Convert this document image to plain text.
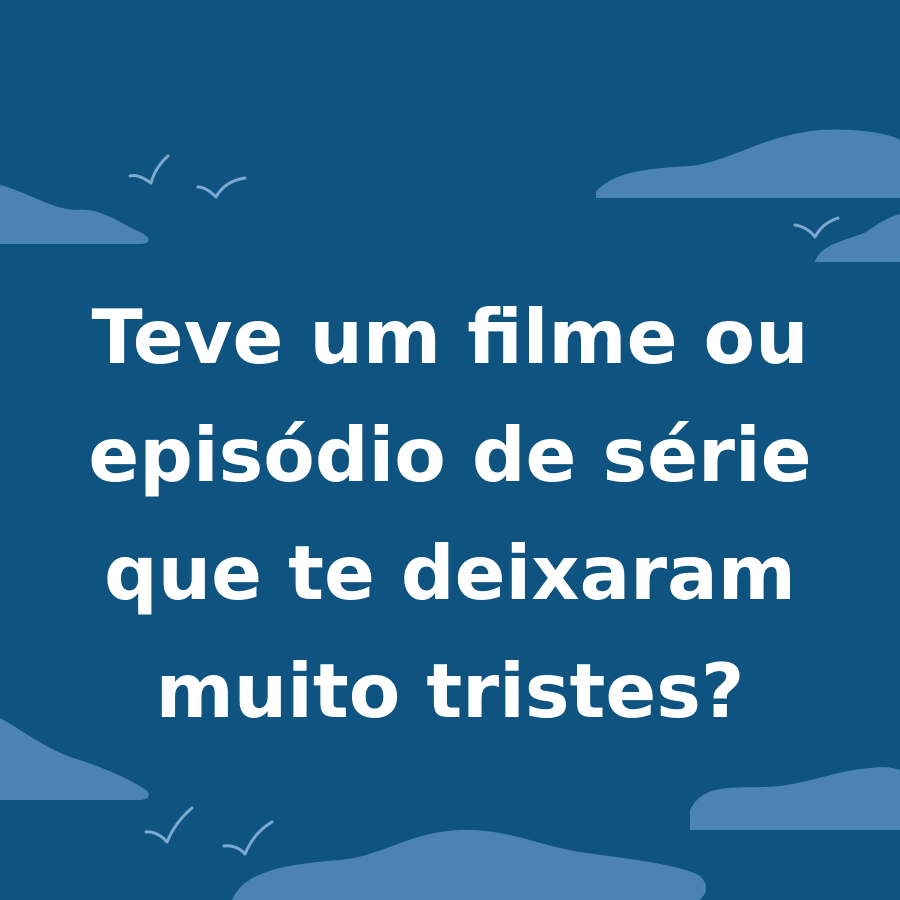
Teve um filme ou
episódio de série
que te deixaram
muito tristes?
